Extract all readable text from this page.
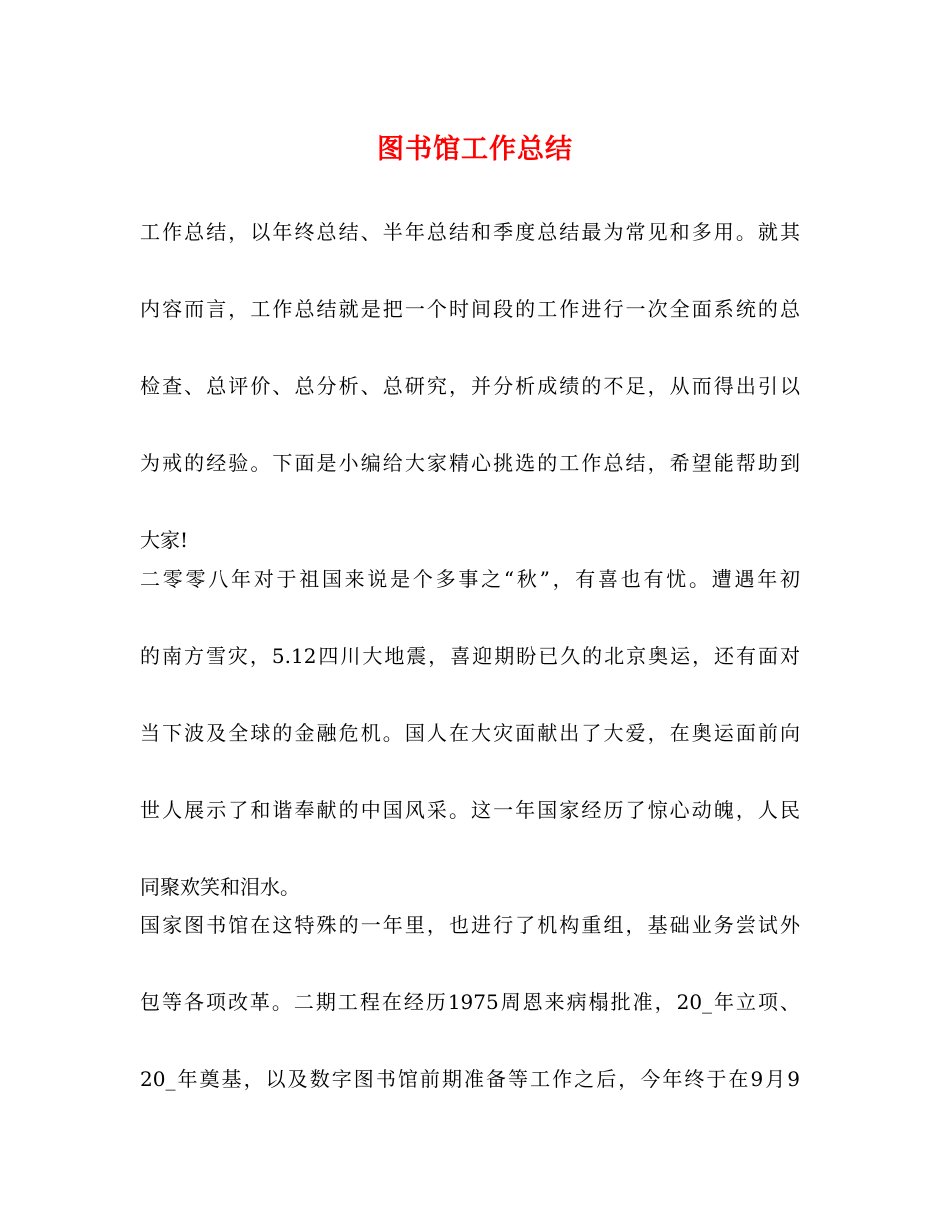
图书馆工作总结

工作总结，以年终总结、半年总结和季度总结最为常见和多用。就其
内容而言，工作总结就是把一个时间段的工作进行一次全面系统的总
检查、总评价、总分析、总研究，并分析成绩的不足，从而得出引以
为戒的经验。下面是小编给大家精心挑选的工作总结，希望能帮助到
大家!

二零零八年对于祖国来说是个多事之“秋”，有喜也有忧。遭遇年初
的南方雪灾，5.12四川大地震，喜迎期盼已久的北京奥运，还有面对
当下波及全球的金融危机。国人在大灾面献出了大爱，在奥运面前向
世人展示了和谐奉献的中国风采。这一年国家经历了惊心动魄，人民
同聚欢笑和泪水。

国家图书馆在这特殊的一年里，也进行了机构重组，基础业务尝试外
包等各项改革。二期工程在经历1975周恩来病榻批准，20_年立项、
20_年奠基，以及数字图书馆前期准备等工作之后，今年终于在9月9
